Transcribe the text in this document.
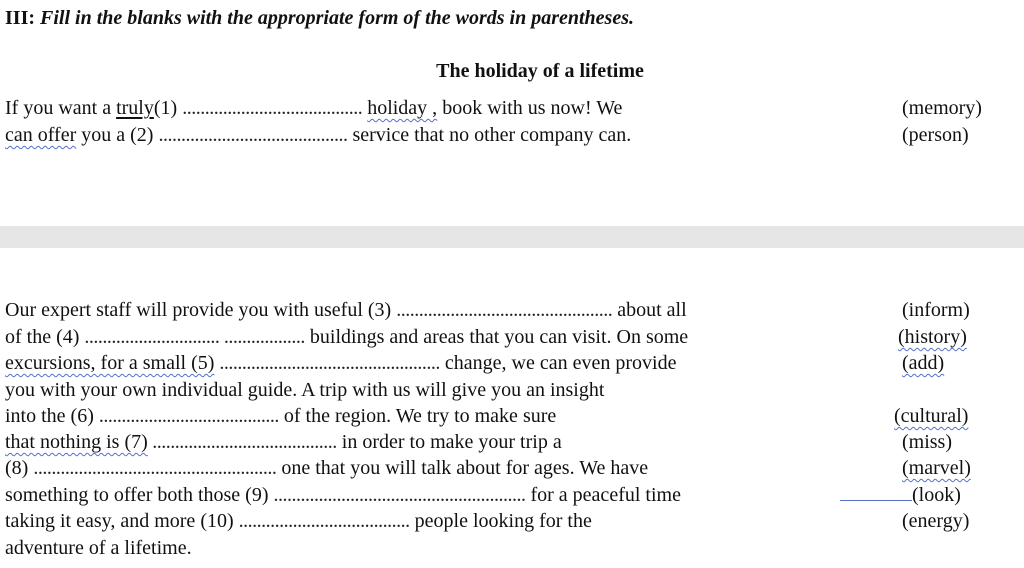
III: Fill in the blanks with the appropriate form of the words in parentheses.
The holiday of a lifetime
If you want a truly(1) ........................................ holiday , book with us now! We	(memory)
can offer you a (2) .......................................... service that no other company can.	(person)
Our expert staff will provide you with useful (3) ................................................ about all	(inform)
of the (4) .............................. .................. buildings and areas that you can visit. On some	(history)
excursions, for a small (5) ................................................. change, we can even provide	(add)
you with your own individual guide. A trip with us will give you an insight
into the (6) ........................................ of the region. We try to make sure	(cultural)
that nothing is (7) ......................................... in order to make your trip a	(miss)
(8) ...................................................... one that you will talk about for ages. We have	(marvel)
something to offer both those (9) ........................................................ for a peaceful time	(look)
taking it easy, and more (10) ...................................... people looking for the	(energy)
adventure of a lifetime.
